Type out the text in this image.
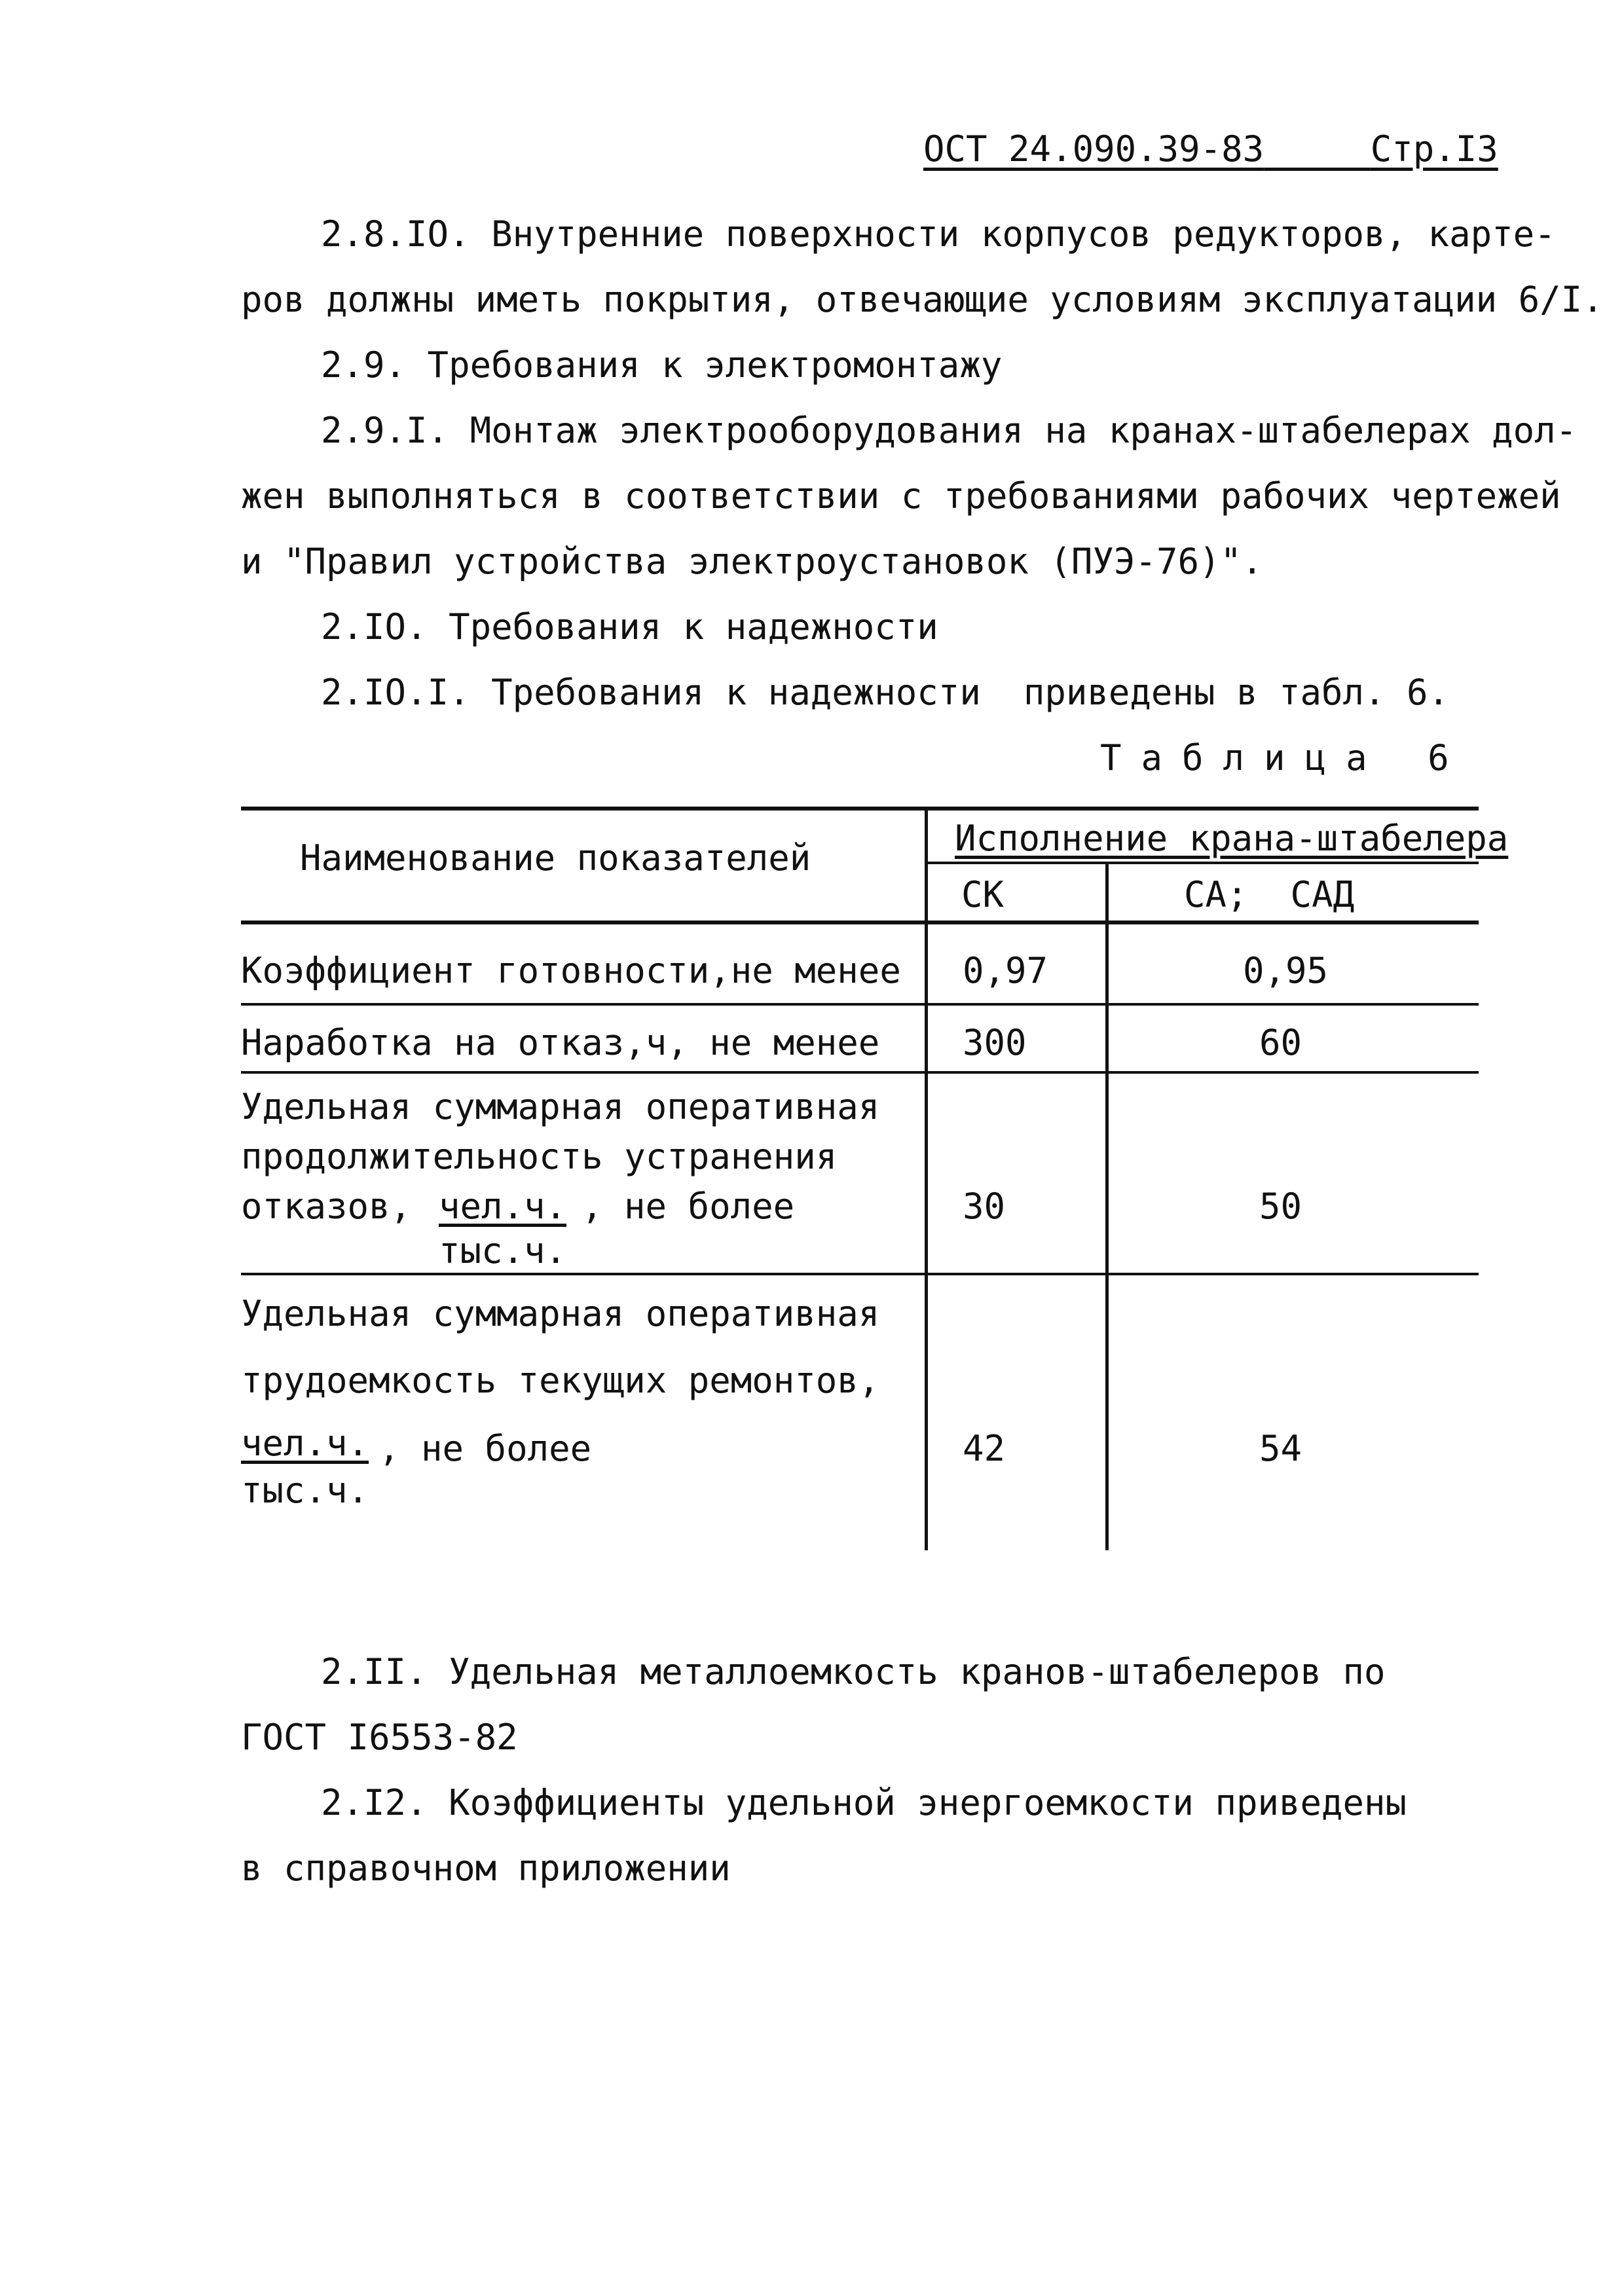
ОСТ 24.090.39-83	Стр.I3
2.8.IO. Внутренние поверхности корпусов редукторов, карте-
ров должны иметь покрытия, отвечающие условиям эксплуатации 6/I.
2.9. Требования к электромонтажу
2.9.I. Монтаж электрооборудования на кранах-штабелерах дол-
жен выполняться в соответствии с требованиями рабочих чертежей
и "Правил устройства электроустановок (ПУЭ-76)".
2.IO. Требования к надежности
2.IO.I. Требования к надежности  приведены в табл. 6.
Таблица 6
Наименование показателей	Исполнение крана-штабелера
СК	СА;  САД
Коэффициент готовности,не менее 0,97	0,95
Наработка на отказ,ч, не менее 300	60
Удельная суммарная оперативная
продолжительность устранения
отказов, чел.ч. , не более
тыс.ч.
30	50
Удельная суммарная оперативная
трудоемкость текущих ремонтов,
чел.ч. , не более
тыс.ч.
42	54
2.II. Удельная металлоемкость кранов-штабелеров по
ГОСТ I6553-82
2.I2. Коэффициенты удельной энергоемкости приведены
в справочном приложении
